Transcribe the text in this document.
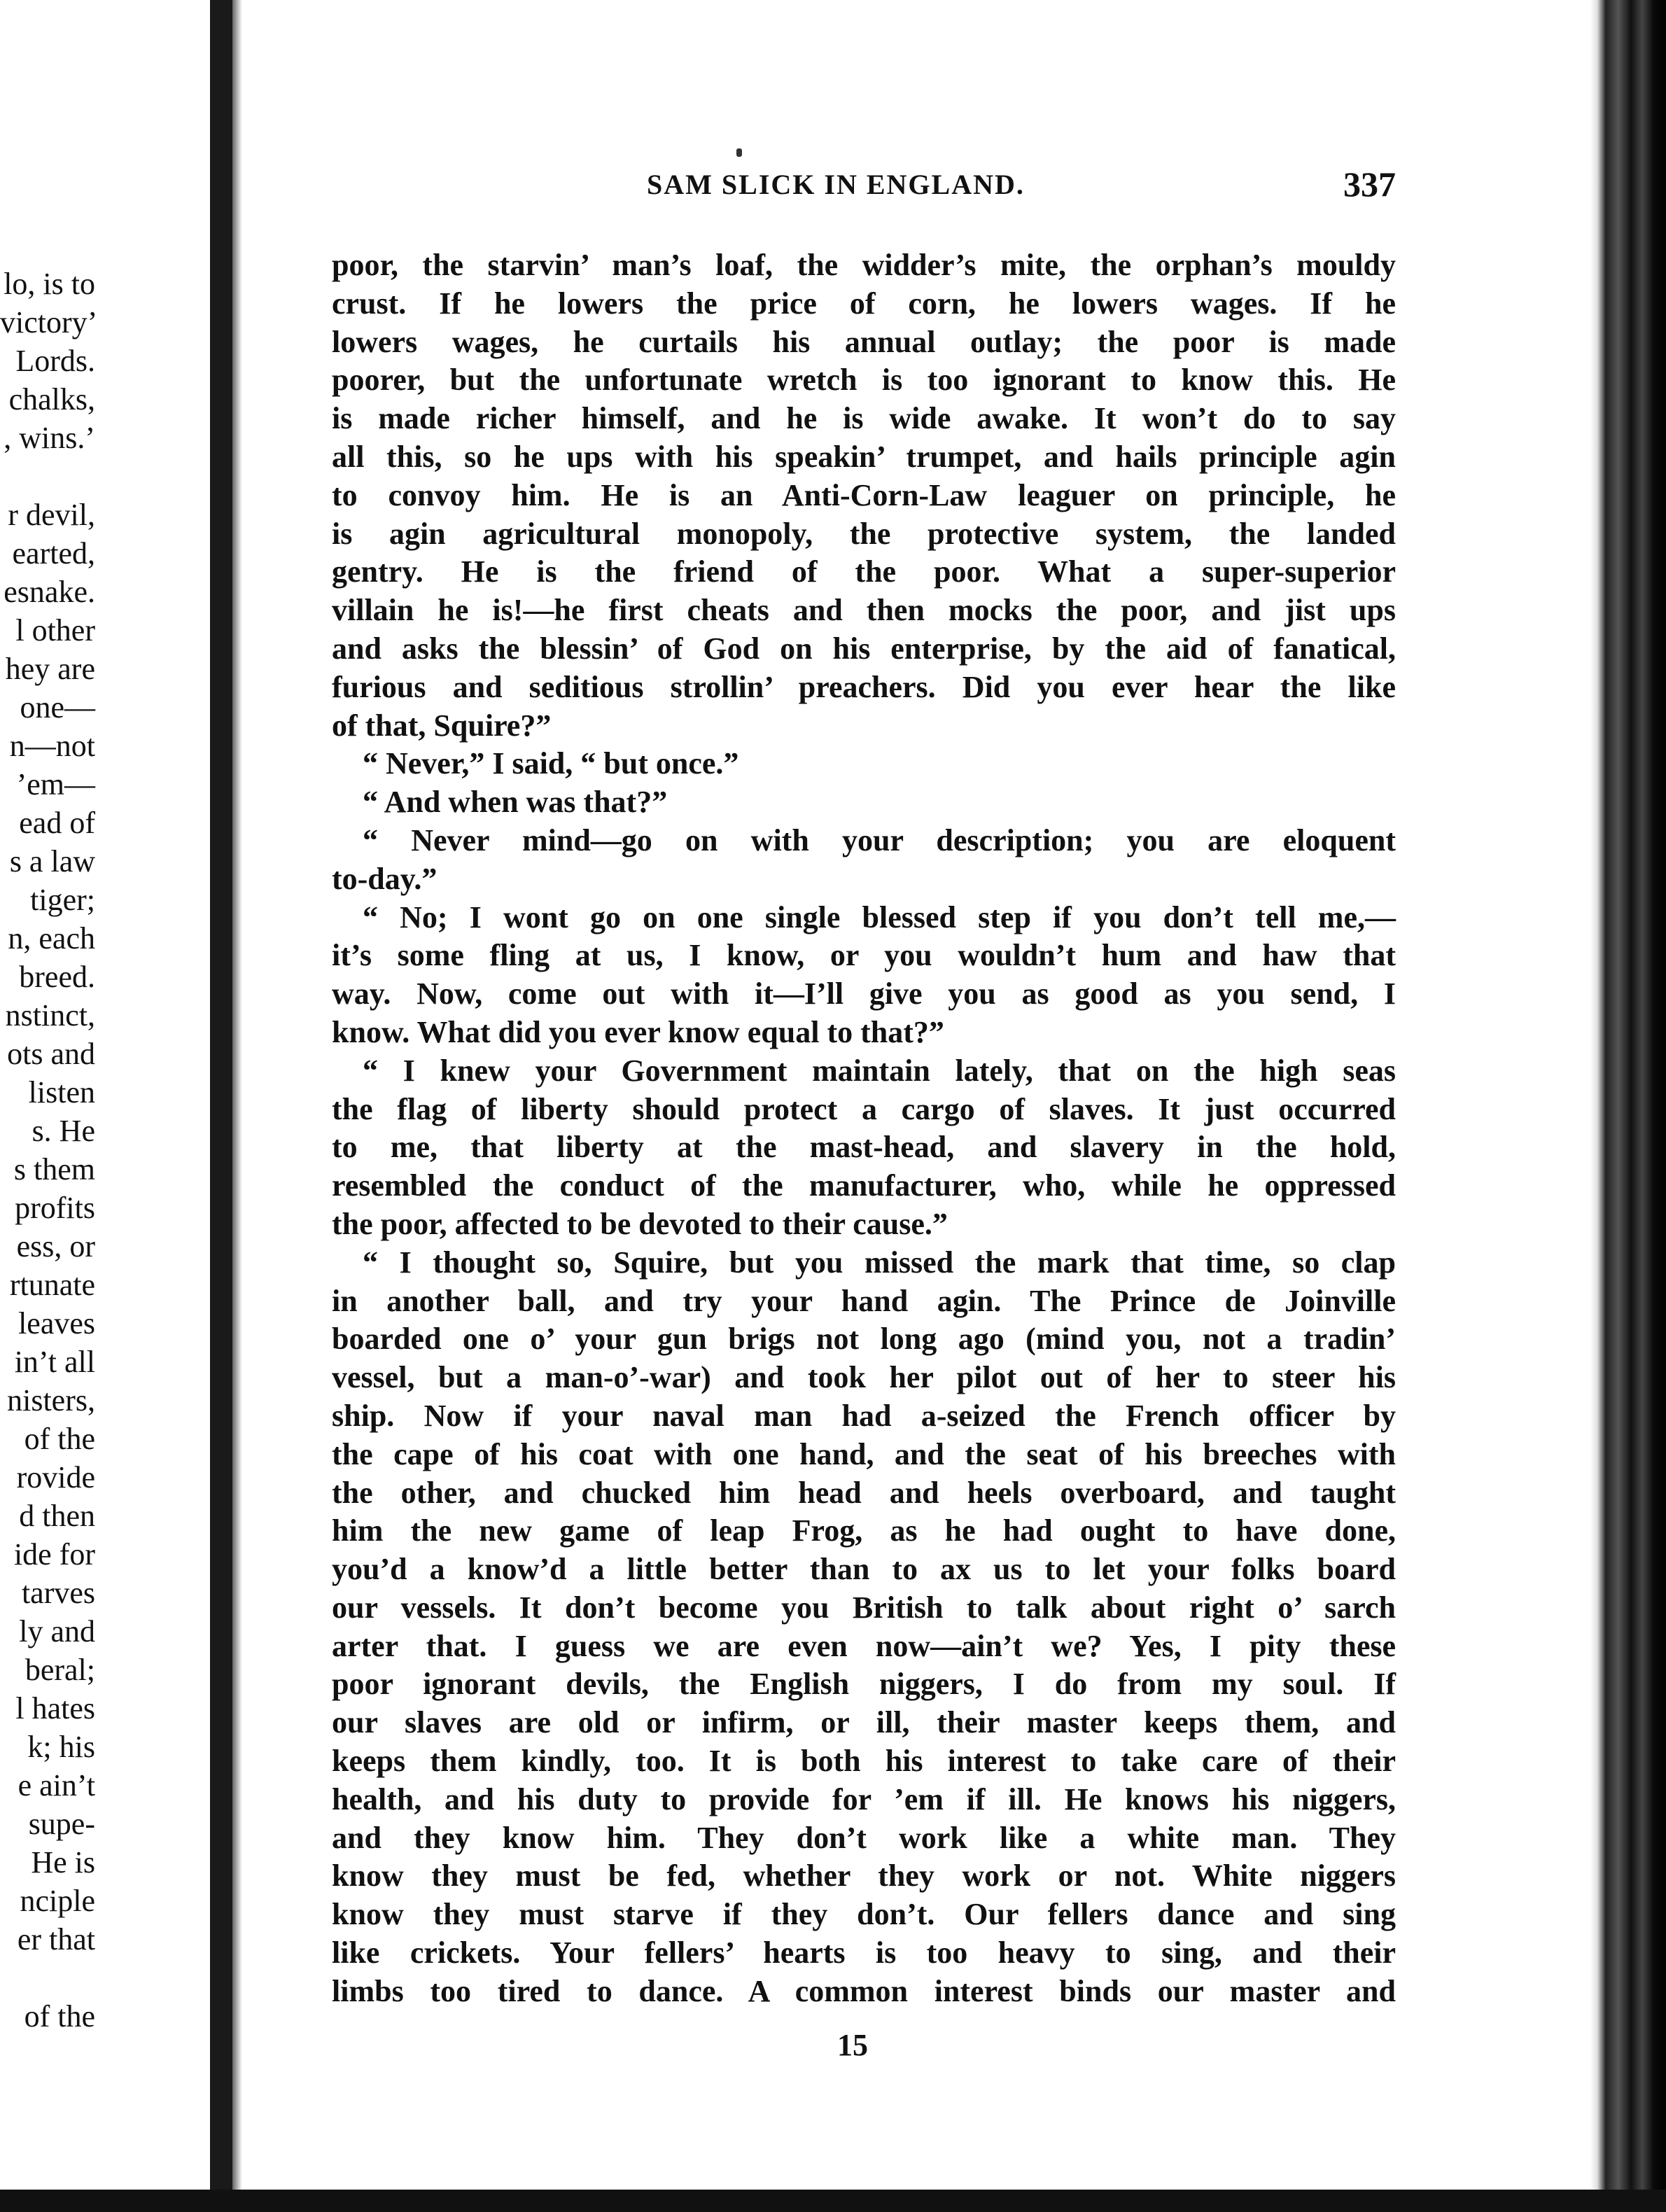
lo, is to
victory’
Lords.
chalks,
, wins.’
r devil,
earted,
esnake.
l other
hey are
one—
n—not
’em—
ead of
s a law
tiger;
n, each
breed.
nstinct,
ots and
listen
s. He
s them
profits
ess, or
rtunate
leaves
in’t all
nisters,
of the
rovide
d then
ide for
tarves
ly and
beral;
l hates
k; his
e ain’t
supe-
He is
nciple
er that
of the
SAM SLICK IN ENGLAND.	337
poor, the starvin’ man’s loaf, the widder’s mite, the orphan’s mouldy
crust. If he lowers the price of corn, he lowers wages. If he
lowers wages, he curtails his annual outlay; the poor is made
poorer, but the unfortunate wretch is too ignorant to know this. He
is made richer himself, and he is wide awake. It won’t do to say
all this, so he ups with his speakin’ trumpet, and hails principle agin
to convoy him. He is an Anti-Corn-Law leaguer on principle, he
is agin agricultural monopoly, the protective system, the landed
gentry. He is the friend of the poor. What a super-superior
villain he is!—he first cheats and then mocks the poor, and jist ups
and asks the blessin’ of God on his enterprise, by the aid of fanatical,
furious and seditious strollin’ preachers. Did you ever hear the like
of that, Squire?”
“ Never,” I said, “ but once.”
“ And when was that?”
“ Never mind—go on with your description; you are eloquent
to-day.”
“ No; I wont go on one single blessed step if you don’t tell me,—
it’s some fling at us, I know, or you wouldn’t hum and haw that
way. Now, come out with it—I’ll give you as good as you send, I
know. What did you ever know equal to that?”
“ I knew your Government maintain lately, that on the high seas
the flag of liberty should protect a cargo of slaves. It just occurred
to me, that liberty at the mast-head, and slavery in the hold,
resembled the conduct of the manufacturer, who, while he oppressed
the poor, affected to be devoted to their cause.”
“ I thought so, Squire, but you missed the mark that time, so clap
in another ball, and try your hand agin. The Prince de Joinville
boarded one o’ your gun brigs not long ago (mind you, not a tradin’
vessel, but a man-o’-war) and took her pilot out of her to steer his
ship. Now if your naval man had a-seized the French officer by
the cape of his coat with one hand, and the seat of his breeches with
the other, and chucked him head and heels overboard, and taught
him the new game of leap Frog, as he had ought to have done,
you’d a know’d a little better than to ax us to let your folks board
our vessels. It don’t become you British to talk about right o’ sarch
arter that. I guess we are even now—ain’t we? Yes, I pity these
poor ignorant devils, the English niggers, I do from my soul. If
our slaves are old or infirm, or ill, their master keeps them, and
keeps them kindly, too. It is both his interest to take care of their
health, and his duty to provide for ’em if ill. He knows his niggers,
and they know him. They don’t work like a white man. They
know they must be fed, whether they work or not. White niggers
know they must starve if they don’t. Our fellers dance and sing
like crickets. Your fellers’ hearts is too heavy to sing, and their
limbs too tired to dance. A common interest binds our master and
15
